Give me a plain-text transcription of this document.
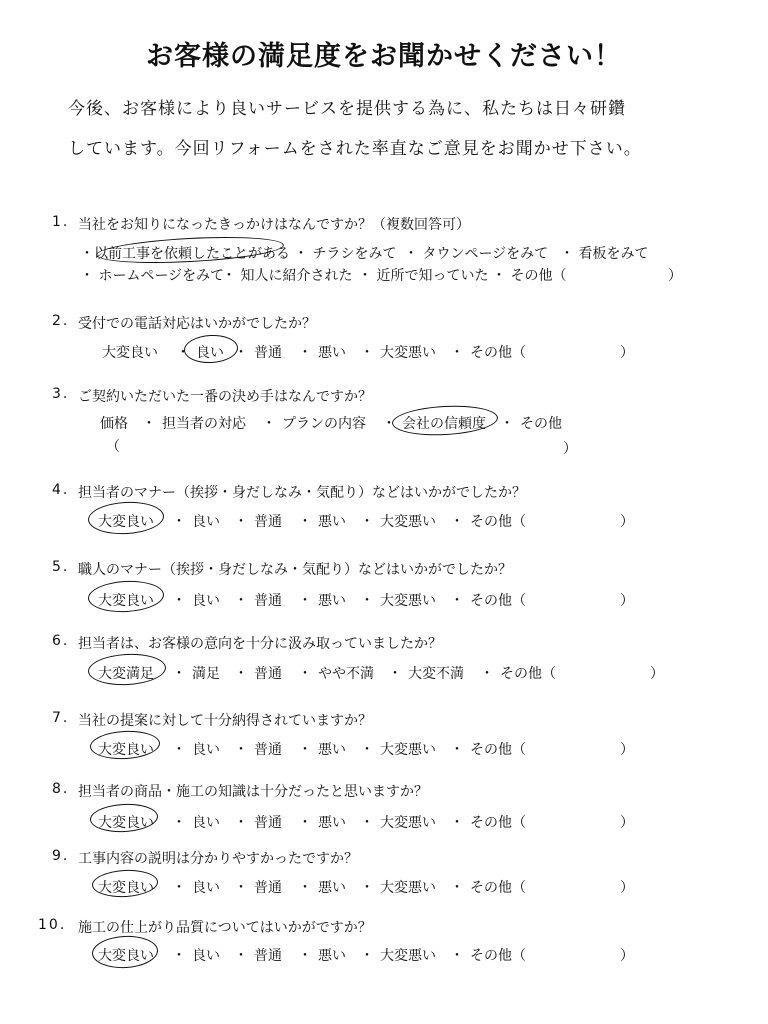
お客様の満足度をお聞かせください！
今後、お客様により良いサービスを提供する為に、私たちは日々研鑽
しています。今回リフォームをされた率直なご意見をお聞かせ下さい。
1. 当社をお知りになったきっかけはなんですか？（複数回答可）
・以前工事を依頼したことがある ・ チラシをみて ・ タウンページをみて ・ 看板をみて
・ ホームページをみて
・ 知人に紹介された ・ 近所で知っていた ・ その他（	）
2. 受付での電話対応はいかがでしたか？
大変良い ・ 良い ・ 普通 ・ 悪い ・ 大変悪い ・ その他（	）
3. ご契約いただいた一番の決め手はなんですか？
価格 ・ 担当者の対応 ・ プランの内容 ・ 会社の信頼度 ・ その他
（	）
4. 担当者のマナー（挨拶・身だしなみ・気配り）などはいかがでしたか？
大変良い ・ 良い ・ 普通 ・ 悪い ・ 大変悪い ・ その他（	）
5. 職人のマナー（挨拶・身だしなみ・気配り）などはいかがでしたか？
大変良い ・ 良い ・ 普通 ・ 悪い ・ 大変悪い ・ その他（	）
6. 担当者は、お客様の意向を十分に汲み取っていましたか？
大変満足 ・ 満足 ・ 普通 ・ やや不満 ・ 大変不満 ・ その他（	）
7. 当社の提案に対して十分納得されていますか？
大変良い ・ 良い ・ 普通 ・ 悪い ・ 大変悪い ・ その他（	）
8. 担当者の商品・施工の知識は十分だったと思いますか？
大変良い ・ 良い ・ 普通 ・ 悪い ・ 大変悪い ・ その他（	）
9. 工事内容の説明は分かりやすかったですか？
大変良い ・ 良い ・ 普通 ・ 悪い ・ 大変悪い ・ その他（	）
10. 施工の仕上がり品質についてはいかがですか？
大変良い ・ 良い ・ 普通 ・ 悪い ・ 大変悪い ・ その他（	）
